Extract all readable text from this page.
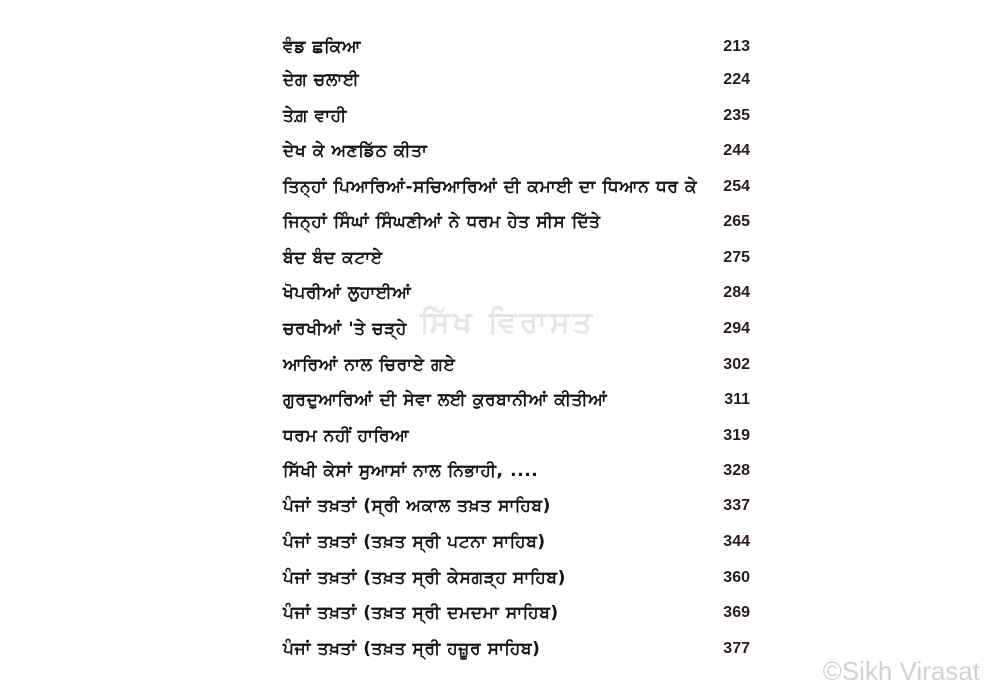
ਵੰਡ ਛਕਿਆ	213
ਦੇਗ ਚਲਾਈ	224
ਤੇਗ਼ ਵਾਹੀ	235
ਦੇਖ ਕੇ ਅਣਡਿੱਠ ਕੀਤਾ	244
ਤਿਨ੍ਹਾਂ ਪਿਆਰਿਆਂ-ਸਚਿਆਰਿਆਂ ਦੀ ਕਮਾਈ ਦਾ ਧਿਆਨ ਧਰ ਕੇ 254
ਜਿਨ੍ਹਾਂ ਸਿੰਘਾਂ ਸਿੰਘਣੀਆਂ ਨੇ ਧਰਮ ਹੇਤ ਸੀਸ ਦਿੱਤੇ	265
ਬੰਦ ਬੰਦ ਕਟਾਏ	275
ਖੋਪਰੀਆਂ ਲੁਹਾਈਆਂ	284
ਚਰਖੀਆਂ 'ਤੇ ਚੜ੍ਹੇ	294
ਆਰਿਆਂ ਨਾਲ ਚਿਰਾਏ ਗਏ	302
ਗੁਰਦੁਆਰਿਆਂ ਦੀ ਸੇਵਾ ਲਈ ਕੁਰਬਾਨੀਆਂ ਕੀਤੀਆਂ	311
ਧਰਮ ਨਹੀਂ ਹਾਰਿਆ	319
ਸਿੱਖੀ ਕੇਸਾਂ ਸੁਆਸਾਂ ਨਾਲ ਨਿਭਾਹੀ, ....	328
ਪੰਜਾਂ ਤਖ਼ਤਾਂ (ਸ੍ਰੀ ਅਕਾਲ ਤਖ਼ਤ ਸਾਹਿਬ)	337
ਪੰਜਾਂ ਤਖ਼ਤਾਂ (ਤਖ਼ਤ ਸ੍ਰੀ ਪਟਨਾ ਸਾਹਿਬ)	344
ਪੰਜਾਂ ਤਖ਼ਤਾਂ (ਤਖ਼ਤ ਸ੍ਰੀ ਕੇਸਗੜ੍ਹ ਸਾਹਿਬ)	360
ਪੰਜਾਂ ਤਖ਼ਤਾਂ (ਤਖ਼ਤ ਸ੍ਰੀ ਦਮਦਮਾ ਸਾਹਿਬ)	369
ਪੰਜਾਂ ਤਖ਼ਤਾਂ (ਤਖ਼ਤ ਸ੍ਰੀ ਹਜ਼ੂਰ ਸਾਹਿਬ)	377
ਸਿੱਖ ਵਿਰਾਸਤ
©Sikh Virasat
